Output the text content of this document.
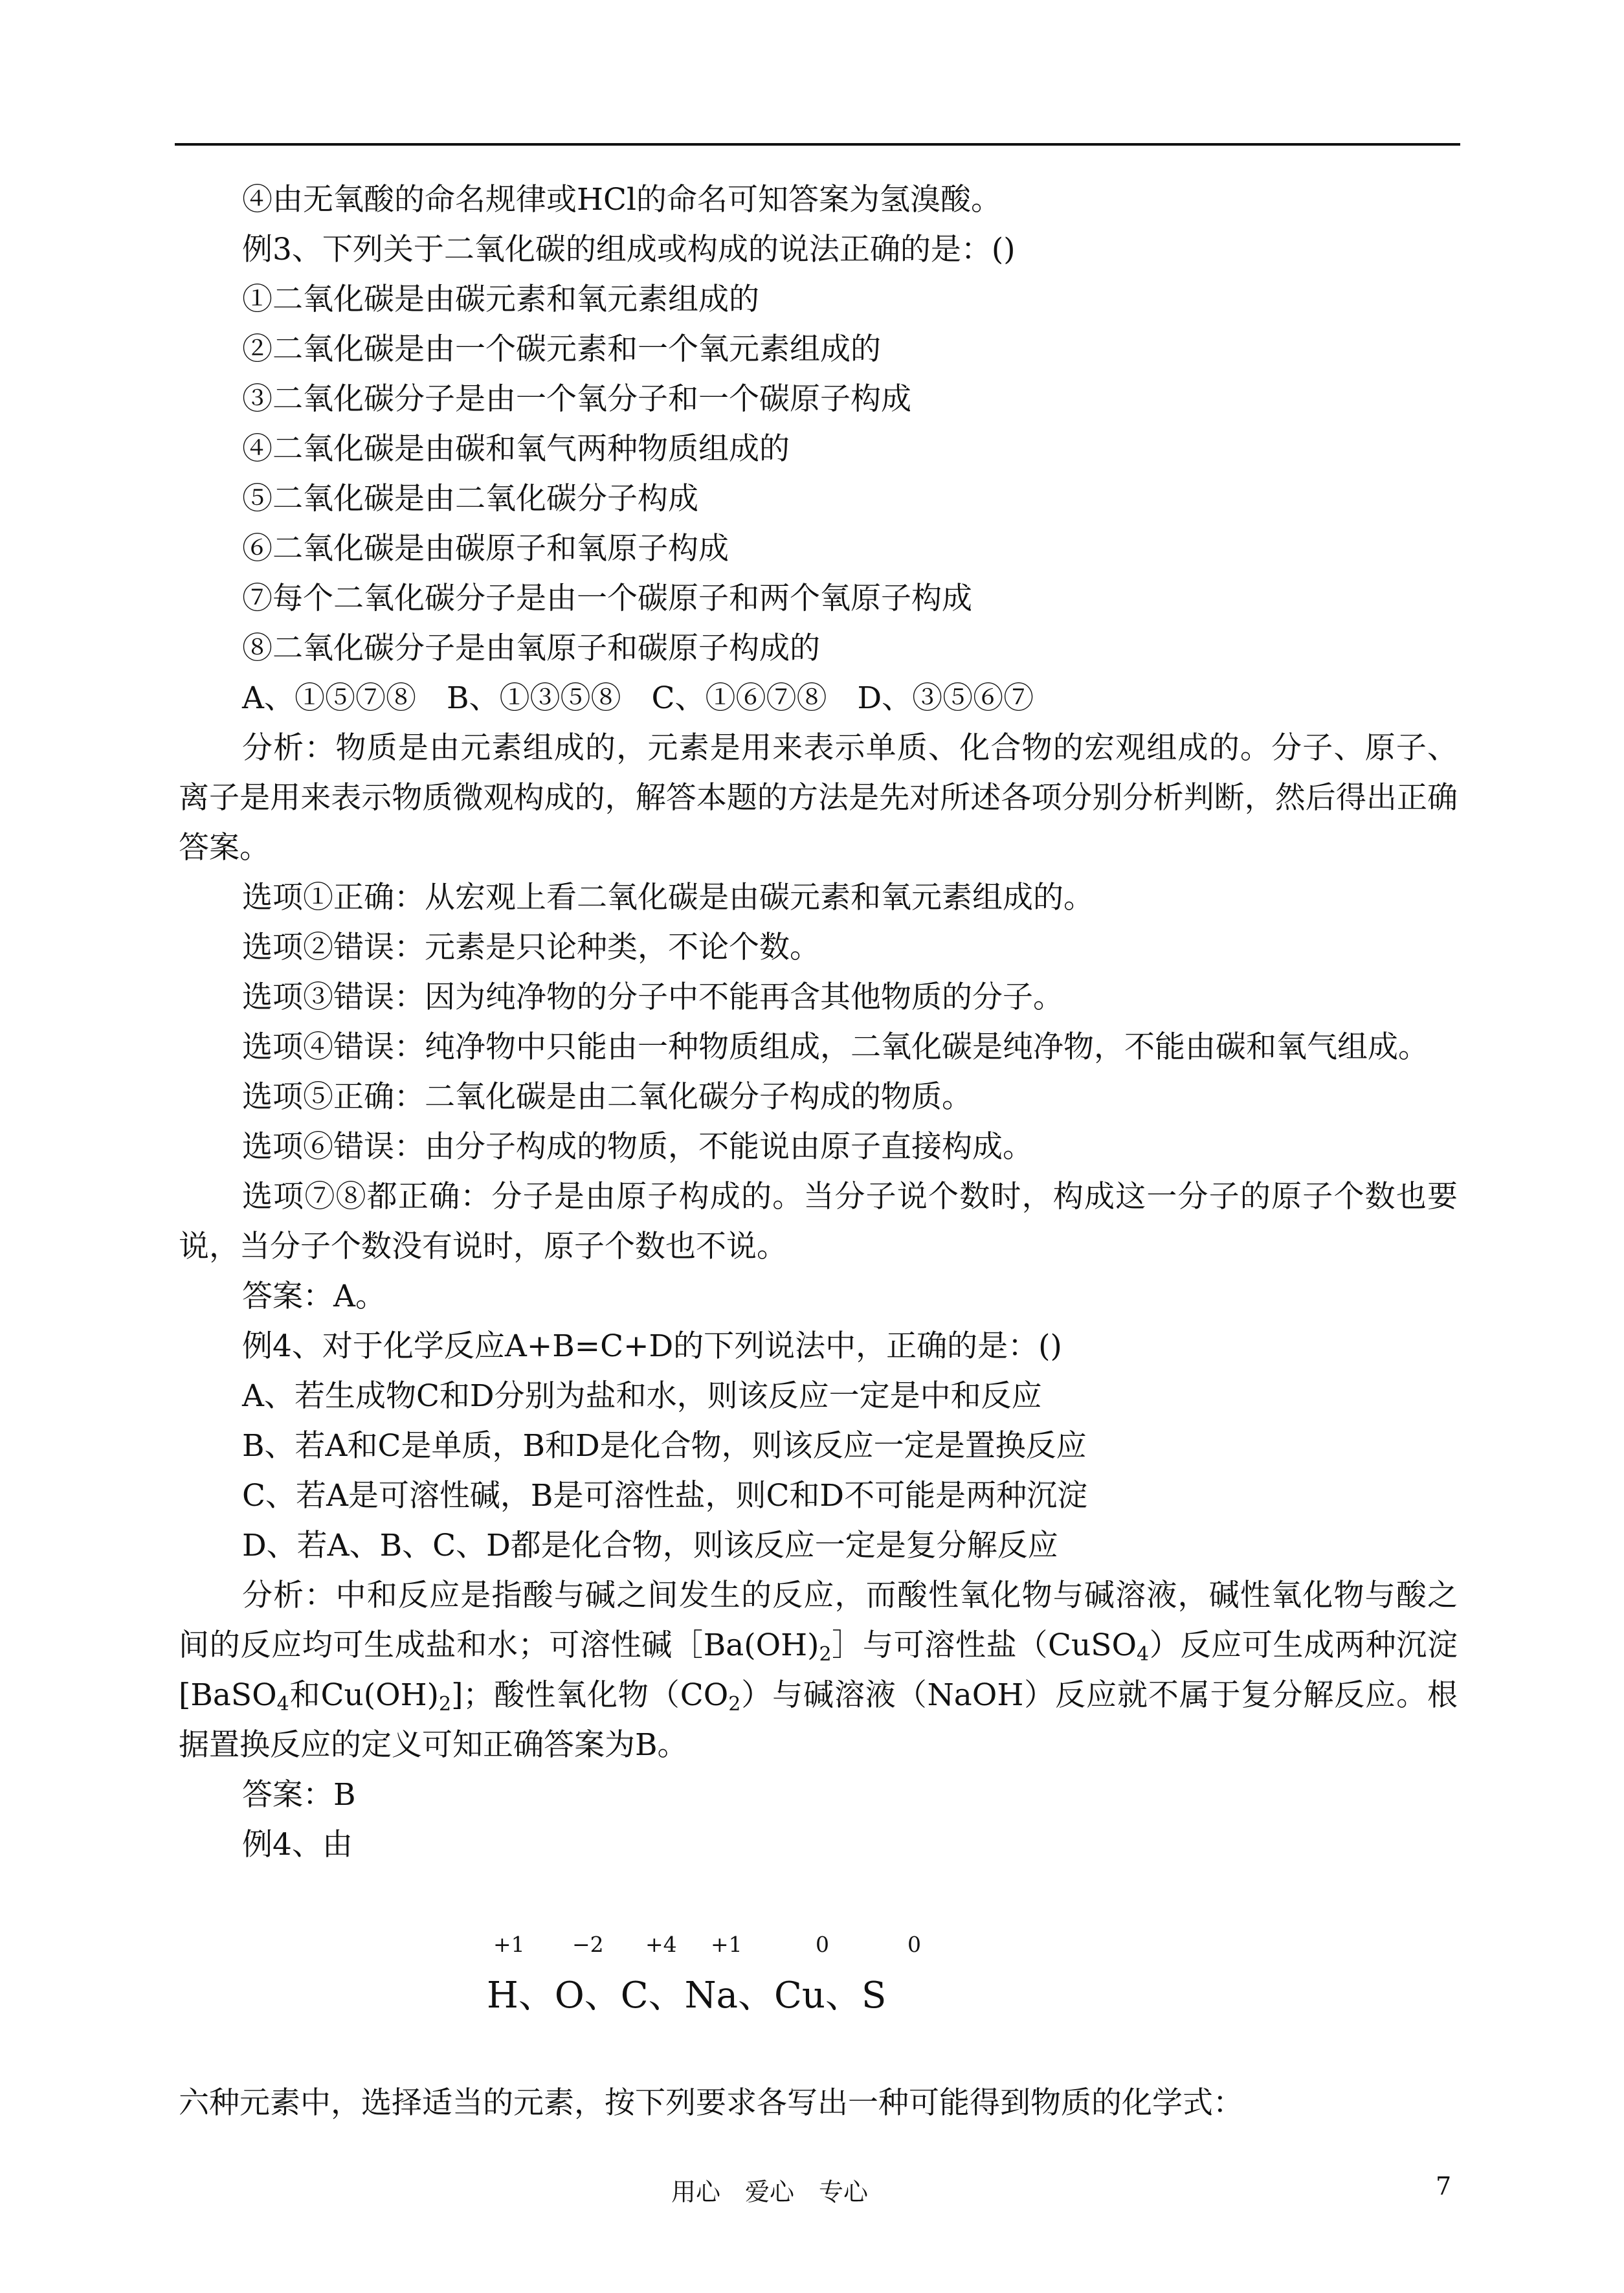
④由无氧酸的命名规律或HCl的命名可知答案为氢溴酸。
例3、下列关于二氧化碳的组成或构成的说法正确的是：()
①二氧化碳是由碳元素和氧元素组成的
②二氧化碳是由一个碳元素和一个氧元素组成的
③二氧化碳分子是由一个氧分子和一个碳原子构成
④二氧化碳是由碳和氧气两种物质组成的
⑤二氧化碳是由二氧化碳分子构成
⑥二氧化碳是由碳原子和氧原子构成
⑦每个二氧化碳分子是由一个碳原子和两个氧原子构成
⑧二氧化碳分子是由氧原子和碳原子构成的
A、①⑤⑦⑧　B、①③⑤⑧　C、①⑥⑦⑧　D、③⑤⑥⑦

分析：物质是由元素组成的，元素是用来表示单质、化合物的宏观组成的。分子、原子、离子是用来表示物质微观构成的，解答本题的方法是先对所述各项分别分析判断，然后得出正确答案。

选项①正确：从宏观上看二氧化碳是由碳元素和氧元素组成的。
选项②错误：元素是只论种类，不论个数。
选项③错误：因为纯净物的分子中不能再含其他物质的分子。

选项④错误：纯净物中只能由一种物质组成，二氧化碳是纯净物，不能由碳和氧气组成。

选项⑤正确：二氧化碳是由二氧化碳分子构成的物质。
选项⑥错误：由分子构成的物质，不能说由原子直接构成。

选项⑦⑧都正确：分子是由原子构成的。当分子说个数时，构成这一分子的原子个数也要说，当分子个数没有说时，原子个数也不说。

答案：A。
例4、对于化学反应A+B=C+D的下列说法中，正确的是：()
A、若生成物C和D分别为盐和水，则该反应一定是中和反应
B、若A和C是单质，B和D是化合物，则该反应一定是置换反应
C、若A是可溶性碱，B是可溶性盐，则C和D不可能是两种沉淀
D、若A、B、C、D都是化合物，则该反应一定是复分解反应

分析：中和反应是指酸与碱之间发生的反应，而酸性氧化物与碱溶液，碱性氧化物与酸之间的反应均可生成盐和水；可溶性碱$[Ba(OH)_2]$与可溶性盐（CuSO$_4$）反应可生成两种沉淀[BaSO$_4$和$Cu(OH)_2$]；酸性氧化物$(CO_2)$与碱溶液（NaOH）反应就不属于复分解反应。根据置换反应的定义可知正确答案为B。

答案：B
例4、由
+1 −2 +4 +1	0	0
H、O、C、Na、Cu、S
六种元素中，选择适当的元素，按下列要求各写出一种可能得到物质的化学式：
用心　爱心　专心	7
